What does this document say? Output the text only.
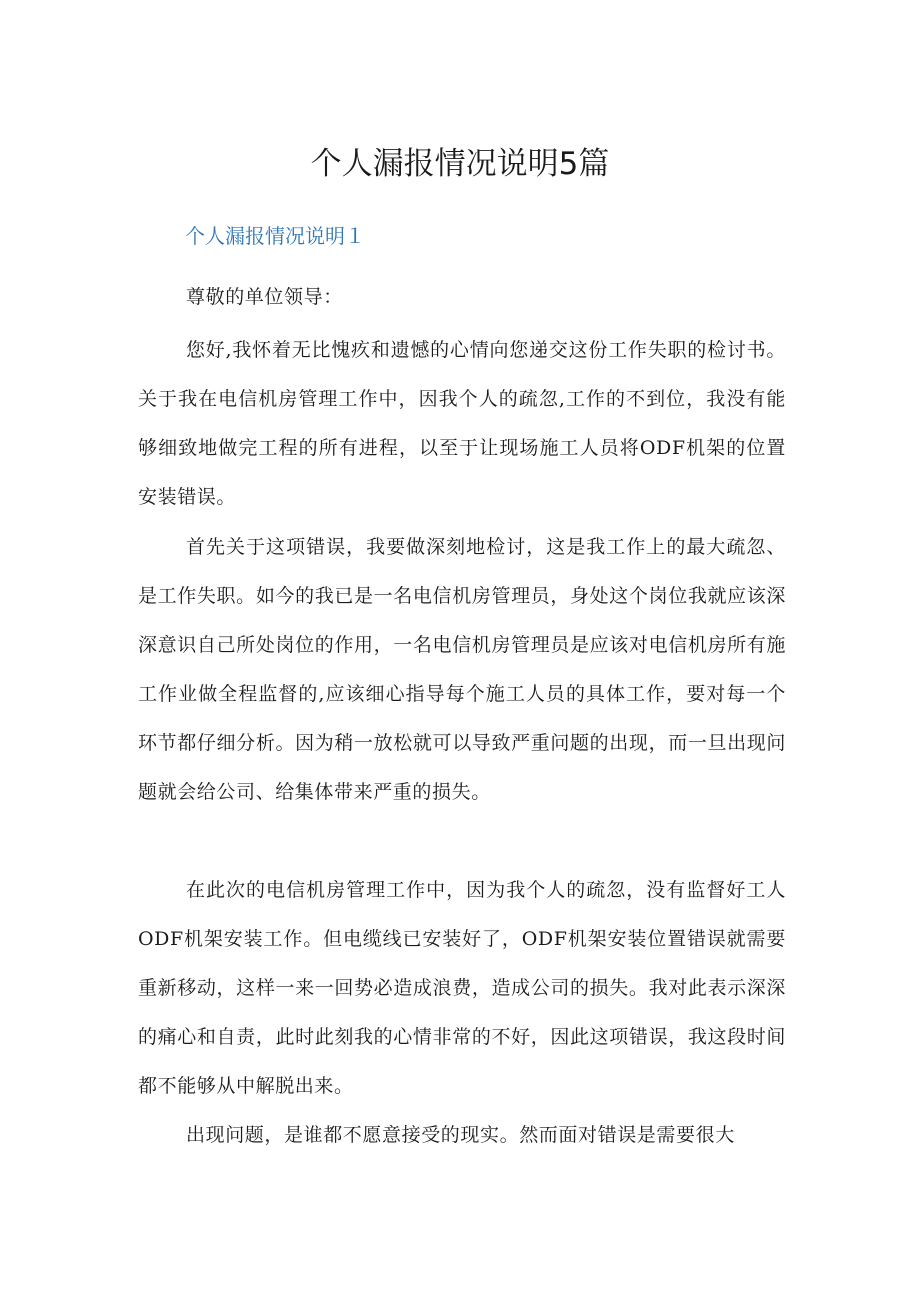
个人漏报情况说明5篇
个人漏报情况说明１

尊敬的单位领导：

您好,我怀着无比愧疚和遗憾的心情向您递交这份工作失职的检讨书。关于我在电信机房管理工作中，因我个人的疏忽,工作的不到位，我没有能够细致地做完工程的所有进程，以至于让现场施工人员将ODF机架的位置安装错误。

首先关于这项错误，我要做深刻地检讨，这是我工作上的最大疏忽、是工作失职。如今的我已是一名电信机房管理员，身处这个岗位我就应该深深意识自己所处岗位的作用，一名电信机房管理员是应该对电信机房所有施工作业做全程监督的,应该细心指导每个施工人员的具体工作，要对每一个环节都仔细分析。因为稍一放松就可以导致严重问题的出现，而一旦出现问题就会给公司、给集体带来严重的损失。

在此次的电信机房管理工作中，因为我个人的疏忽，没有监督好工人ODF机架安装工作。但电缆线已安装好了，ODF机架安装位置错误就需要重新移动，这样一来一回势必造成浪费，造成公司的损失。我对此表示深深的痛心和自责，此时此刻我的心情非常的不好，因此这项错误，我这段时间都不能够从中解脱出来。

出现问题，是谁都不愿意接受的现实。然而面对错误是需要很大
